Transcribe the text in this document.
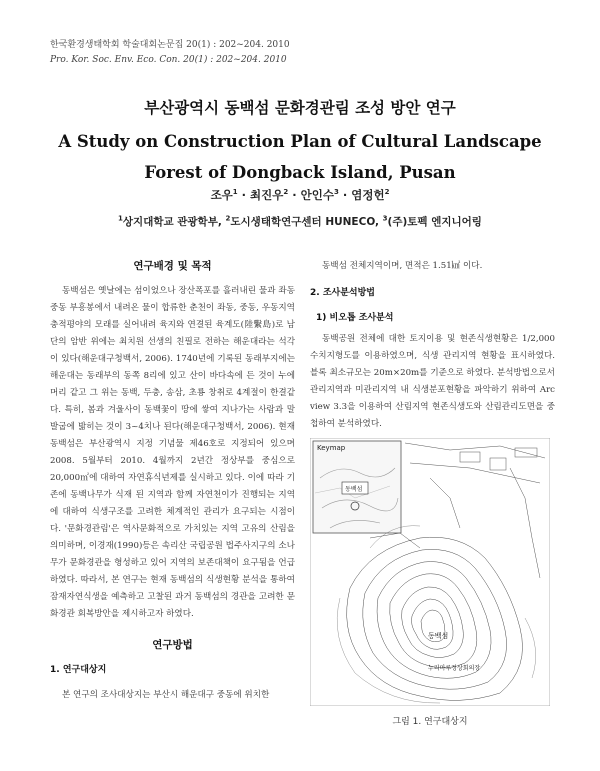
한국환경생태학회 학술대회논문집 20(1) : 202~204. 2010
Pro. Kor. Soc. Env. Eco. Con. 20(1) : 202~204. 2010
부산광역시 동백섬 문화경관림 조성 방안 연구
A Study on Construction Plan of Cultural Landscape Forest of Dongback Island, Pusan
조우$^1$ · 최진우$^2$ · 안인수$^3$ · 염정헌$^2$
$^1$상지대학교 관광학부, $^2$도시생태학연구센터 HUNECO, $^3$(주)토펙 엔지니어링
연구배경 및 목적
동백섬은 옛날에는 섬이었으나 장산폭포를 흘러내린 물과 좌동 중동 부흥봉에서 내려온 물이 합류한 춘천이 좌동, 중동, 우동지역 충적평야의 모래를 실어내려 육지와 연결된 육계도(陸繫島)로 남단의 암반 위에는 최치원 선생의 친필로 전하는 해운대라는 석각이 있다(해운대구청백서, 2006). 1740년에 기록된 동래부지에는 해운대는 동래부의 동쪽 8리에 있고 산이 바다속에 든 것이 누에 머리 같고 그 위는 동백, 두충, 송삼, 초룡 창취로 4계절이 한결같다. 특히, 봄과 겨울사이 동백꽃이 땅에 쌓여 지나가는 사람과 말발굽에 밟히는 것이 3~4치나 된다(해운대구청백서, 2006). 현재 동백섬은 부산광역시 지정 기념물 제46호로 지정되어 있으며 2008. 5월부터 2010. 4월까지 2년간 정상부를 중심으로 20,000㎡에 대하여 자연휴식년제를 실시하고 있다. 이에 따라 기존에 동백나무가 식재 된 지역과 함께 자연천이가 진행되는 지역에 대하여 식생구조를 고려한 체계적인 관리가 요구되는 시점이다. '문화경관림'은 역사문화적으로 가치있는 지역 고유의 산림을 의미하며, 이경재(1990)등은 속리산 국립공원 법주사지구의 소나무가 문화경관을 형성하고 있어 지역의 보존대책이 요구됨을 언급하였다. 따라서, 본 연구는 현재 동백섬의 식생현황 분석을 통하여 잠재자연식생을 예측하고 고찰된 과거 동백섬의 경관을 고려한 문화경관 회복방안을 제시하고자 하였다.
연구방법
1. 연구대상지
본 연구의 조사대상지는 부산시 해운대구 중동에 위치한
동백섬 전체지역이며, 면적은 1.51㎢ 이다.
2. 조사분석방법
1) 비오톱 조사분석
동백공원 전체에 대한 토지이용 및 현존식생현황은 1/2,000 수치지형도를 이용하였으며, 식생 관리지역 현황을 표시하였다. 블록 최소규모는 20m×20m를 기준으로 하였다. 분석방법으로서 관리지역과 미관리지역 내 식생분포현황을 파악하기 위하여 Arc view 3.3을 이용하여 산림지역 현존식생도와 산림관리도면을 중첩하여 분석하였다.
Keymap
동백섬
동백섬
누리마루정상회의장
그림 1. 연구대상지
